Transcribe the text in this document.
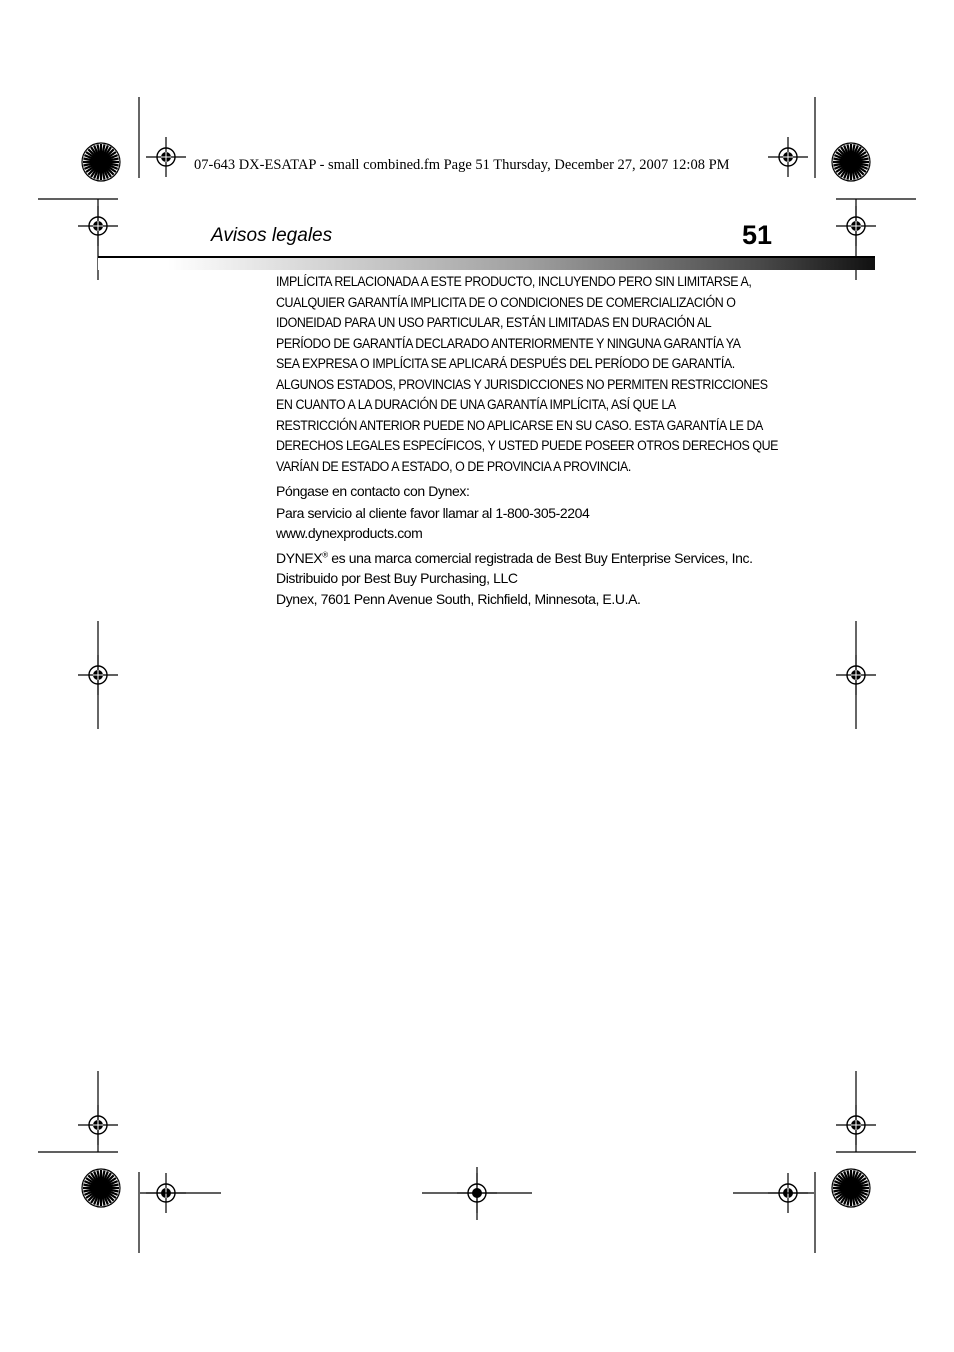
07-643 DX-ESATAP - small combined.fm Page 51 Thursday, December 27, 2007 12:08 PM
Avisos legales	51
IMPLÍCITA RELACIONADA A ESTE PRODUCTO, INCLUYENDO PERO SIN LIMITARSE A,
CUALQUIER GARANTÍA IMPLICITA DE O CONDICIONES DE COMERCIALIZACIÓN O
IDONEIDAD PARA UN USO PARTICULAR, ESTÁN LIMITADAS EN DURACIÓN AL
PERÍODO DE GARANTÍA DECLARADO ANTERIORMENTE Y NINGUNA GARANTÍA YA
SEA EXPRESA O IMPLÍCITA SE APLICARÁ DESPUÉS DEL PERÍODO DE GARANTÍA.
ALGUNOS ESTADOS, PROVINCIAS Y JURISDICCIONES NO PERMITEN RESTRICCIONES
EN CUANTO A LA DURACIÓN DE UNA GARANTÍA IMPLÍCITA, ASÍ QUE LA
RESTRICCIÓN ANTERIOR PUEDE NO APLICARSE EN SU CASO. ESTA GARANTÍA LE DA
DERECHOS LEGALES ESPECÍFICOS, Y USTED PUEDE POSEER OTROS DERECHOS QUE
VARÍAN DE ESTADO A ESTADO, O DE PROVINCIA A PROVINCIA.

Póngase en contacto con Dynex:

Para servicio al cliente favor llamar al 1-800-305-2204

www.dynexproducts.com

DYNEX® es una marca comercial registrada de Best Buy Enterprise Services, Inc.

Distribuido por Best Buy Purchasing, LLC

Dynex, 7601 Penn Avenue South, Richfield, Minnesota, E.U.A.
